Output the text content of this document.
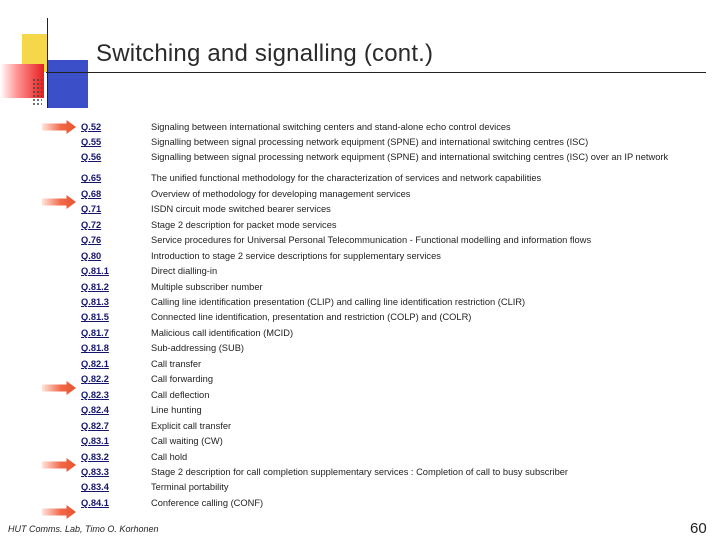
Switching and signalling (cont.)
Q.52	Signaling between international switching centers and stand-alone echo control devices
Q.55	Signalling between signal processing network equipment (SPNE) and international switching centres (ISC)
Q.56	Signalling between signal processing network equipment (SPNE) and international switching centres (ISC) over an IP network
Q.65	The unified functional methodology for the characterization of services and network capabilities
Q.68	Overview of methodology for developing management services
Q.71	ISDN circuit mode switched bearer services
Q.72	Stage 2 description for packet mode services
Q.76	Service procedures for Universal Personal Telecommunication - Functional modelling and information flows
Q.80	Introduction to stage 2 service descriptions for supplementary services
Q.81.1	Direct dialling-in
Q.81.2	Multiple subscriber number
Q.81.3	Calling line identification presentation (CLIP) and calling line identification restriction (CLIR)
Q.81.5	Connected line identification, presentation and restriction (COLP) and (COLR)
Q.81.7	Malicious call identification (MCID)
Q.81.8	Sub-addressing (SUB)
Q.82.1	Call transfer
Q.82.2	Call forwarding
Q.82.3	Call deflection
Q.82.4	Line hunting
Q.82.7	Explicit call transfer
Q.83.1	Call waiting (CW)
Q.83.2	Call hold
Q.83.3	Stage 2 description for call completion supplementary services : Completion of call to busy subscriber
Q.83.4	Terminal portability
Q.84.1	Conference calling (CONF)
HUT Comms. Lab, Timo O. Korhonen	60
